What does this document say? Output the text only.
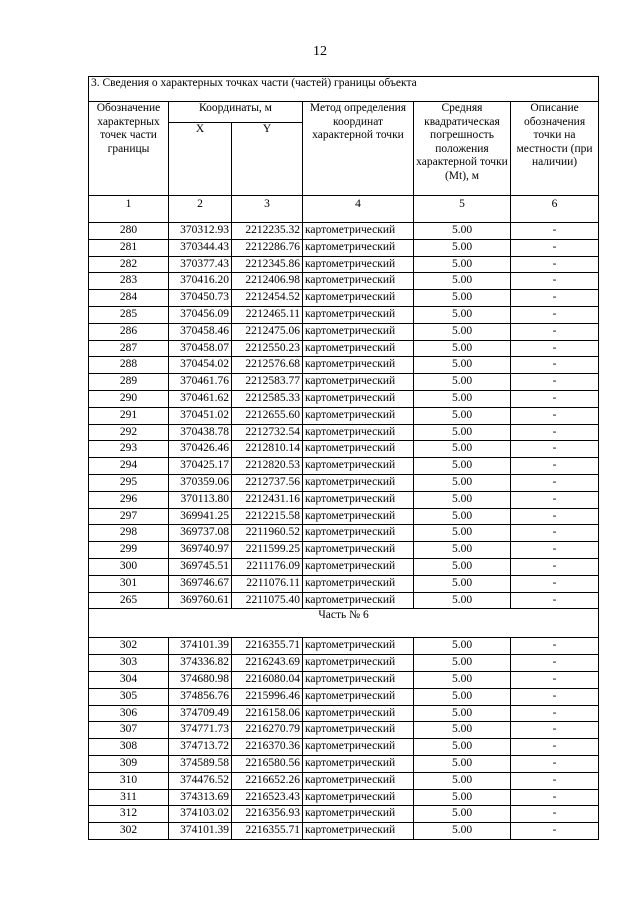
12
3. Сведения о характерных точках части (частей) границы объекта					
Обозначение характерных точек части границы	Координаты, м		Метод определения координат характерной точки	Средняя квадратическая погрешность положения характерной точки (Mt), м	Описание обозначения точки на местности (при наличии)
	X	Y			
1	2	3	4	5	6
280	370312.93	2212235.32	картометрический	5.00	-
281	370344.43	2212286.76	картометрический	5.00	-
282	370377.43	2212345.86	картометрический	5.00	-
283	370416.20	2212406.98	картометрический	5.00	-
284	370450.73	2212454.52	картометрический	5.00	-
285	370456.09	2212465.11	картометрический	5.00	-
286	370458.46	2212475.06	картометрический	5.00	-
287	370458.07	2212550.23	картометрический	5.00	-
288	370454.02	2212576.68	картометрический	5.00	-
289	370461.76	2212583.77	картометрический	5.00	-
290	370461.62	2212585.33	картометрический	5.00	-
291	370451.02	2212655.60	картометрический	5.00	-
292	370438.78	2212732.54	картометрический	5.00	-
293	370426.46	2212810.14	картометрический	5.00	-
294	370425.17	2212820.53	картометрический	5.00	-
295	370359.06	2212737.56	картометрический	5.00	-
296	370113.80	2212431.16	картометрический	5.00	-
297	369941.25	2212215.58	картометрический	5.00	-
298	369737.08	2211960.52	картометрический	5.00	-
299	369740.97	2211599.25	картометрический	5.00	-
300	369745.51	2211176.09	картометрический	5.00	-
301	369746.67	2211076.11	картометрический	5.00	-
265	369760.61	2211075.40	картометрический	5.00	-
Часть № 6					
302	374101.39	2216355.71	картометрический	5.00	-
303	374336.82	2216243.69	картометрический	5.00	-
304	374680.98	2216080.04	картометрический	5.00	-
305	374856.76	2215996.46	картометрический	5.00	-
306	374709.49	2216158.06	картометрический	5.00	-
307	374771.73	2216270.79	картометрический	5.00	-
308	374713.72	2216370.36	картометрический	5.00	-
309	374589.58	2216580.56	картометрический	5.00	-
310	374476.52	2216652.26	картометрический	5.00	-
311	374313.69	2216523.43	картометрический	5.00	-
312	374103.02	2216356.93	картометрический	5.00	-
302	374101.39	2216355.71	картометрический	5.00	-
